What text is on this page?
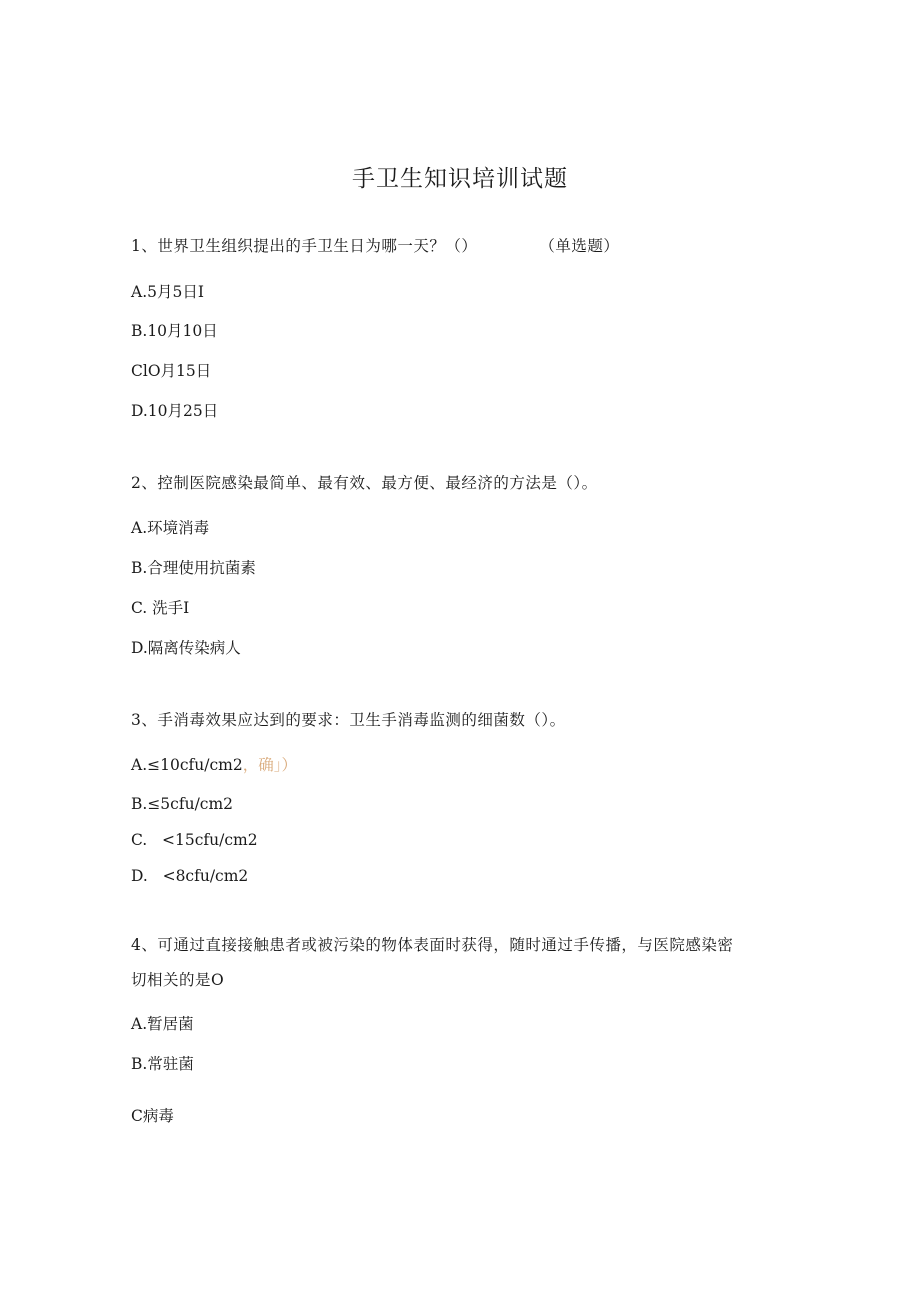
手卫生知识培训试题
1、世界卫生组织提出的手卫生日为哪一天？（）	（单选题）
A.5月5日I
B.10月10日
ClO月15日
D.10月25日
2、控制医院感染最简单、最有效、最方便、最经济的方法是（）。
A.环境消毒
B.合理使用抗菌素
C. 洗手I
D.隔离传染病人
3、手消毒效果应达到的要求：卫生手消毒监测的细菌数（）。
A.≤10cfu/cm2，确」）
B.≤5cfu/cm2
C.   <15cfu/cm2
D.   <8cfu/cm2
4、可通过直接接触患者或被污染的物体表面时获得，随时通过手传播，与医院感染密
切相关的是O
A.暂居菌
B.常驻菌
C病毒
